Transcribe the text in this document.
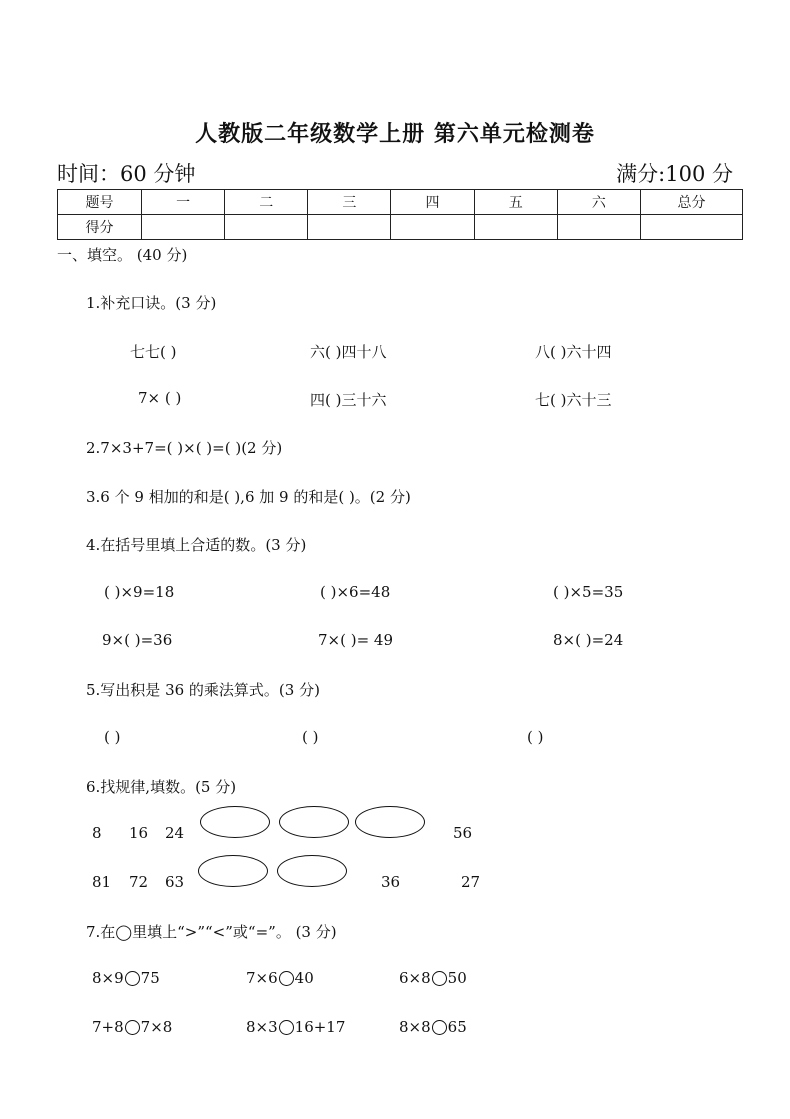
人教版二年级数学上册 第六单元检测卷
时间：60 分钟	满分:100 分
题号	一	二	三	四	五	六	总分
得分							
一、填空。 (40 分)
1.补充口诀。(3 分)
七七( )	六( )四十八	八( )六十四
7× ( )	四( )三十六	七( )六十三
2.7×3+7=( )×( )=( )(2 分)
3.6 个 9 相加的和是( ),6 加 9 的和是( )。(2 分)
4.在括号里填上合适的数。(3 分)
( )×9=18	( )×6=48	( )×5=35
9×( )=36	7×( )= 49	8×( )=24
5.写出积是 36 的乘法算式。(3 分)
( )	( )	( )
6.找规律,填数。(5 分)
8 16 24	56
81 72 63	36	27
7.在◯里填上“>”“<”或“=”。 (3 分)
8×9 75	7×6 40	6×8 50
7+8 7×8	8×3 16+17	8×8 65
